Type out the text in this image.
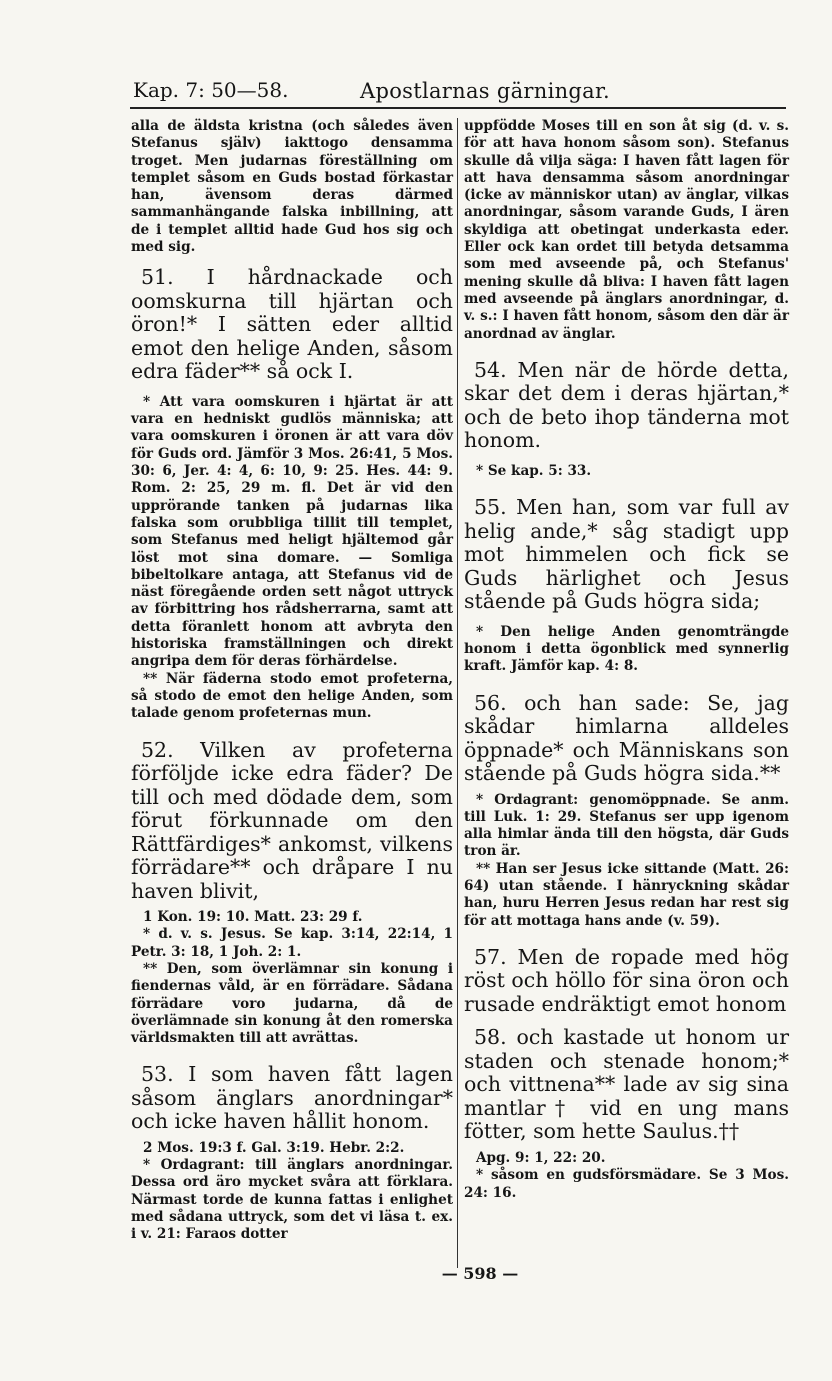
Kap. 7: 50—58.	Apostlarnas gärningar.

alla de äldsta kristna (och således även Stefanus själv) iakttogo densamma troget. Men judarnas föreställning om templet såsom en Guds bostad förkastar han, ävensom deras därmed sammanhängande falska inbillning, att de i templet alltid hade Gud hos sig och med sig.

51. I hårdnackade och oomskurna till hjärtan och öron!* I sätten eder alltid emot den helige Anden, såsom edra fäder** så ock I.

* Att vara oomskuren i hjärtat är att vara en hedniskt gudlös människa; att vara oomskuren i öronen är att vara döv för Guds ord. Jämför 3 Mos. 26:41, 5 Mos. 30: 6, Jer. 4: 4, 6: 10, 9: 25. Hes. 44: 9. Rom. 2: 25, 29 m. fl. Det är vid den upprörande tanken på judarnas lika falska som orubbliga tillit till templet, som Stefanus med heligt hjältemod går löst mot sina domare. — Somliga bibeltolkare antaga, att Stefanus vid de näst föregående orden sett något uttryck av förbittring hos rådsherrarna, samt att detta föranlett honom att avbryta den historiska framställningen och direkt angripa dem för deras förhärdelse.

** När fäderna stodo emot profeterna, så stodo de emot den helige Anden, som talade genom profeternas mun.

52. Vilken av profeterna förföljde icke edra fäder? De till och med dödade dem, som förut förkunnade om den Rättfärdiges* ankomst, vilkens förrädare** och dråpare I nu haven blivit,

1 Kon. 19: 10. Matt. 23: 29 f.

* d. v. s. Jesus. Se kap. 3:14, 22:14, 1 Petr. 3: 18, 1 Joh. 2: 1.

** Den, som överlämnar sin konung i fiendernas våld, är en förrädare. Sådana förrädare voro judarna, då de överlämnade sin konung åt den romerska världsmakten till att avrättas.

53. I som haven fått lagen såsom änglars anordningar* och icke haven hållit honom.

2 Mos. 19:3 f. Gal. 3:19. Hebr. 2:2.

* Ordagrant: till änglars anordningar. Dessa ord äro mycket svåra att förklara. Närmast torde de kunna fattas i enlighet med sådana uttryck, som det vi läsa t. ex. i v. 21: Faraos dotter

uppfödde Moses till en son åt sig (d. v. s. för att hava honom såsom son). Stefanus skulle då vilja säga: I haven fått lagen för att hava densamma såsom anordningar (icke av människor utan) av änglar, vilkas anordningar, såsom varande Guds, I ären skyldiga att obetingat underkasta eder. Eller ock kan ordet till betyda detsamma som med avseende på, och Stefanus' mening skulle då bliva: I haven fått lagen med avseende på änglars anordningar, d. v. s.: I haven fått honom, såsom den där är anordnad av änglar.

54. Men när de hörde detta, skar det dem i deras hjärtan,* och de beto ihop tänderna mot honom.

* Se kap. 5: 33.

55. Men han, som var full av helig ande,* såg stadigt upp mot himmelen och fick se Guds härlighet och Jesus stående på Guds högra sida;

* Den helige Anden genomträngde honom i detta ögonblick med synnerlig kraft. Jämför kap. 4: 8.

56. och han sade: Se, jag skådar himlarna alldeles öppnade* och Människans son stående på Guds högra sida.**

* Ordagrant: genomöppnade. Se anm. till Luk. 1: 29. Stefanus ser upp igenom alla himlar ända till den högsta, där Guds tron är.

** Han ser Jesus icke sittande (Matt. 26: 64) utan stående. I hänryckning skådar han, huru Herren Jesus redan har rest sig för att mottaga hans ande (v. 59).

57. Men de ropade med hög röst och höllo för sina öron och rusade endräktigt emot honom

58. och kastade ut honom ur staden och stenade honom;* och vittnena** lade av sig sina mantlar† vid en ung mans fötter, som hette Saulus.††

Apg. 9: 1, 22: 20.

* såsom en gudsförsmädare. Se 3 Mos. 24: 16.

— 598 —
